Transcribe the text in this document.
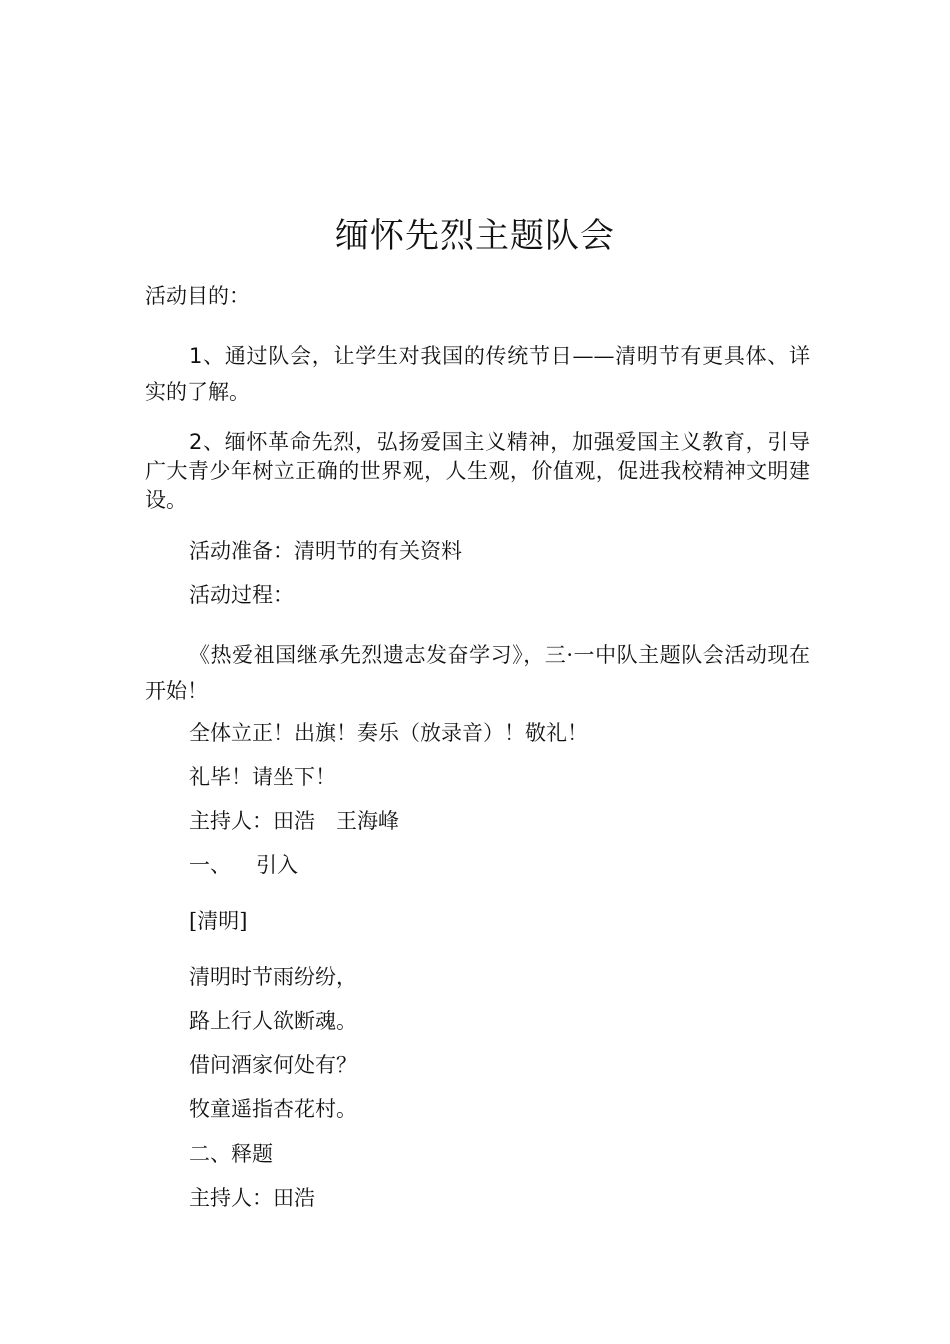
缅怀先烈主题队会
活动目的：
1、通过队会，让学生对我国的传统节日——清明节有更具体、详实的了解。
2、缅怀革命先烈，弘扬爱国主义精神，加强爱国主义教育，引导广大青少年树立正确的世界观，人生观，价值观，促进我校精神文明建设。
活动准备：清明节的有关资料
活动过程：
《热爱祖国继承先烈遗志发奋学习》，三·一中队主题队会活动现在开始！
全体立正！出旗！奏乐（放录音）！敬礼！
礼毕！请坐下！
主持人：田浩　王海峰
一、 引入
[清明]
清明时节雨纷纷，
路上行人欲断魂。
借问酒家何处有？
牧童遥指杏花村。
二、释题
主持人：田浩
